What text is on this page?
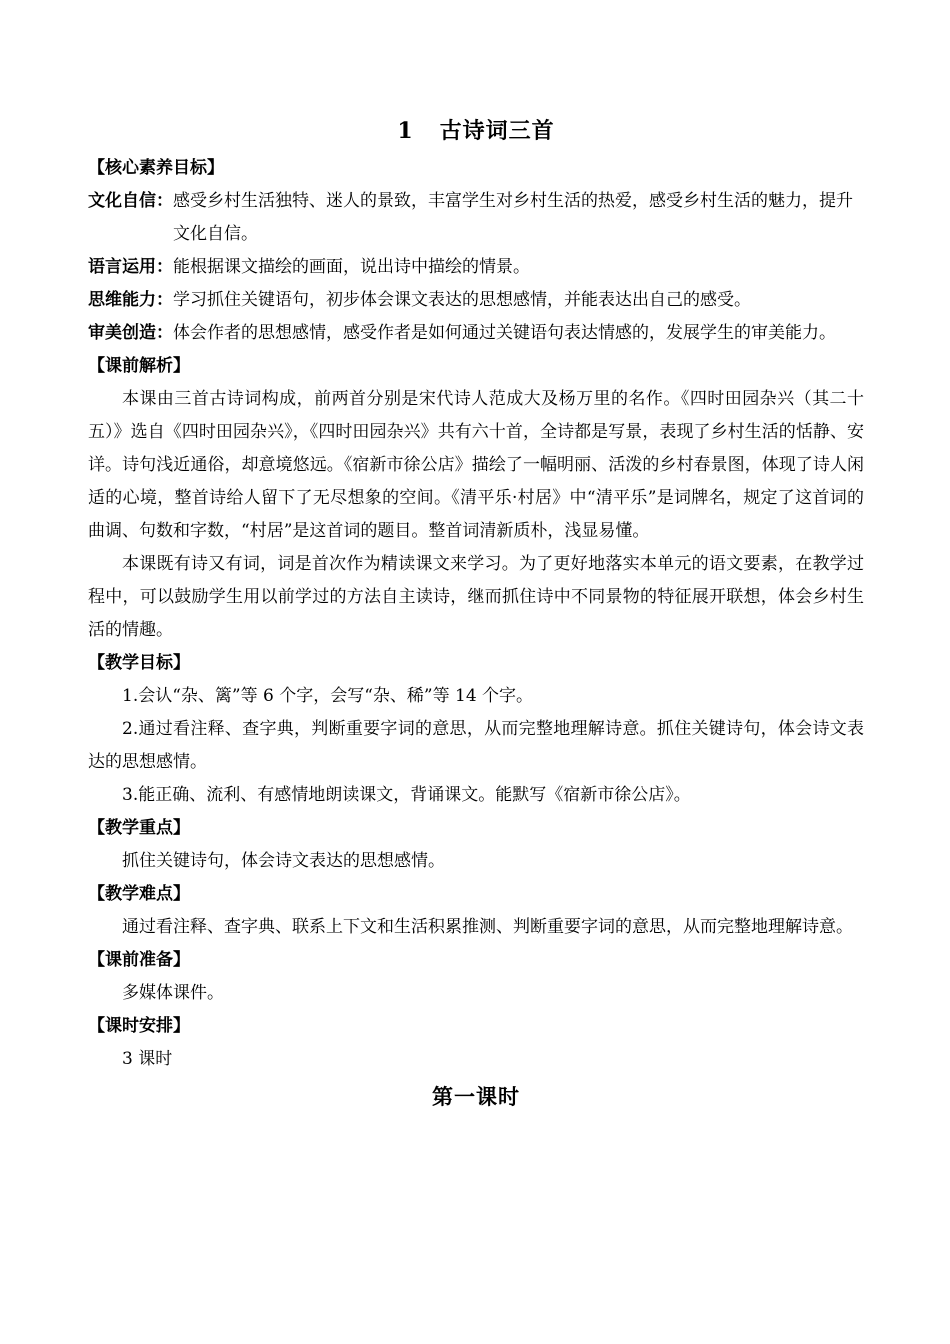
1 古诗词三首
【核心素养目标】
文化自信： 感受乡村生活独特、迷人的景致，丰富学生对乡村生活的热爱，感受乡村生活的魅力，提升文化自信。
语言运用： 能根据课文描绘的画面，说出诗中描绘的情景。
思维能力： 学习抓住关键语句，初步体会课文表达的思想感情，并能表达出自己的感受。
审美创造： 体会作者的思想感情，感受作者是如何通过关键语句表达情感的，发展学生的审美能力。
【课前解析】

本课由三首古诗词构成，前两首分别是宋代诗人范成大及杨万里的名作。《四时田园杂兴（其二十五）》选自《四时田园杂兴》，《四时田园杂兴》共有六十首，全诗都是写景，表现了乡村生活的恬静、安详。诗句浅近通俗，却意境悠远。《宿新市徐公店》描绘了一幅明丽、活泼的乡村春景图，体现了诗人闲适的心境，整首诗给人留下了无尽想象的空间。《清平乐·村居》中“清平乐”是词牌名，规定了这首词的曲调、句数和字数，“村居”是这首词的题目。整首词清新质朴，浅显易懂。

本课既有诗又有词，词是首次作为精读课文来学习。为了更好地落实本单元的语文要素，在教学过程中，可以鼓励学生用以前学过的方法自主读诗，继而抓住诗中不同景物的特征展开联想，体会乡村生活的情趣。

【教学目标】

1.会认“杂、篱”等 6 个字，会写“杂、稀”等 14 个字。

2.通过看注释、查字典，判断重要字词的意思，从而完整地理解诗意。抓住关键诗句，体会诗文表达的思想感情。

3.能正确、流利、有感情地朗读课文，背诵课文。能默写《宿新市徐公店》。

【教学重点】

抓住关键诗句，体会诗文表达的思想感情。

【教学难点】

通过看注释、查字典、联系上下文和生活积累推测、判断重要字词的意思，从而完整地理解诗意。

【课前准备】

多媒体课件。

【课时安排】

3 课时

第一课时
